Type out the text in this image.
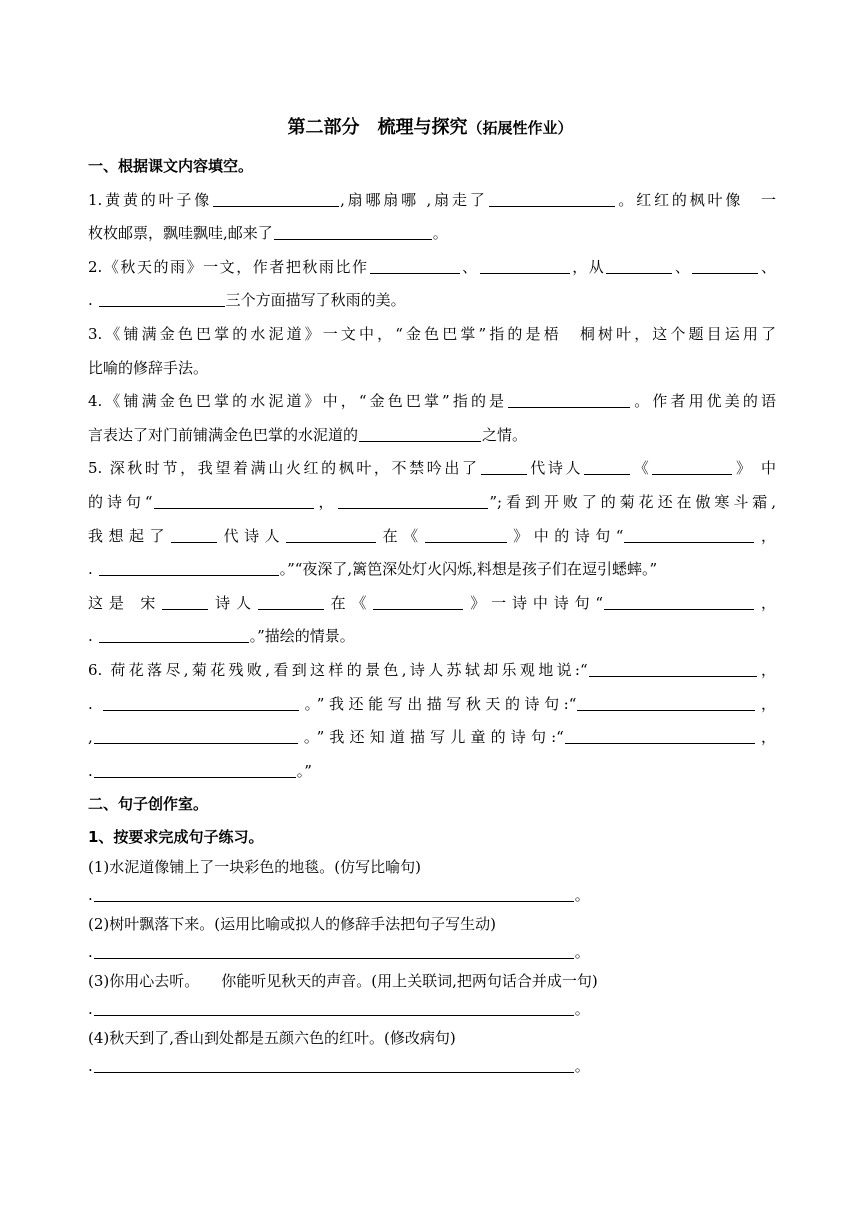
第二部分　梳理与探究（拓展性作业）
一、根据课文内容填空。
1.黄黄的叶子像	,扇哪扇哪 ,扇走了	。红红的枫叶像　一
枚枚邮票，飘哇飘哇,邮来了	。
2.《秋天的雨》一文，作者把秋雨比作	、	，从	、	、
.	三个方面描写了秋雨的美。
3.《铺满金色巴掌的水泥道》一文中，“金色巴掌”指的是梧　桐树叶，这个题目运用了
比喻的修辞手法。
4.《铺满金色巴掌的水泥道》中，“金色巴掌”指的是	。作者用优美的语
言表达了对门前铺满金色巴掌的水泥道的	之情。
5. 深秋时节，我望着满山火红的枫叶，不禁吟出了	代诗人	《	》 中
的诗句“	，	”;看到开败了的菊花还在傲寒斗霜,
我想起了	代诗人	在《	》中的诗句“	，
.	。”“夜深了,篱笆深处灯火闪烁,料想是孩子们在逗引蟋蟀。”
这是 宋	诗人	在《	》一诗中诗句“	，
.	。”描绘的情景。
6. 荷花落尽,菊花残败,看到这样的景色,诗人苏轼却乐观地说:“	，
.	。”我还能写出描写秋天的诗句:“	，
,	。”我还知道描写儿童的诗句:“	，
.	。”
二、句子创作室。
1、按要求完成句子练习。
(1)水泥道像铺上了一块彩色的地毯。(仿写比喻句)
.	。
(2)树叶飘落下来。(运用比喻或拟人的修辞手法把句子写生动)
.	。
(3)你用心去听。 你能听见秋天的声音。(用上关联词,把两句话合并成一句)
.	。
(4)秋天到了,香山到处都是五颜六色的红叶。(修改病句)
.	。
